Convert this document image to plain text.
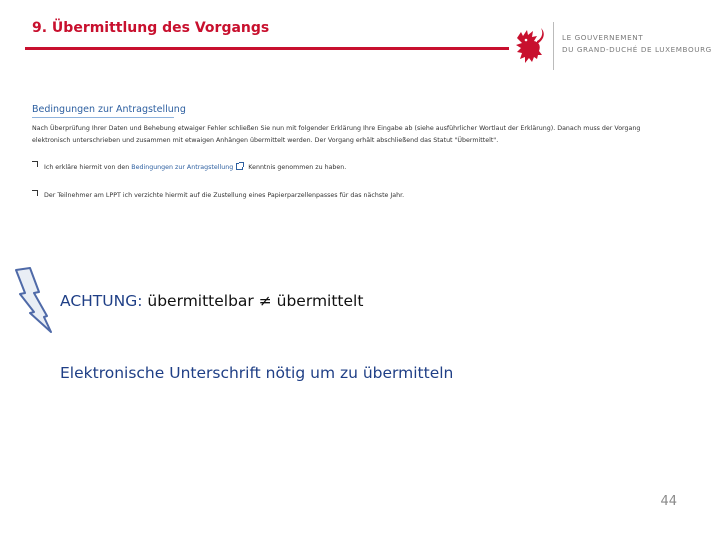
9. Übermittlung des Vorgangs
LE GOUVERNEMENT
DU GRAND-DUCHÉ DE LUXEMBOURG
Bedingungen zur Antragstellung
Nach Überprüfung Ihrer Daten und Behebung etwaiger Fehler schließen Sie nun mit folgender Erklärung Ihre Eingabe ab (siehe ausführlicher Wortlaut der Erklärung). Danach muss der Vorgang elektronisch unterschrieben und zusammen mit etwaigen Anhängen übermittelt werden. Der Vorgang erhält abschließend das Statut "Übermittelt".
Ich erkläre hiermit von den Bedingungen zur Antragstellung Kenntnis genommen zu haben.
Der Teilnehmer am LPPT ich verzichte hiermit auf die Zustellung eines Papierparzellenpasses für das nächste Jahr.
ACHTUNG: übermittelbar ≠ übermittelt
Elektronische Unterschrift nötig um zu übermitteln
44
